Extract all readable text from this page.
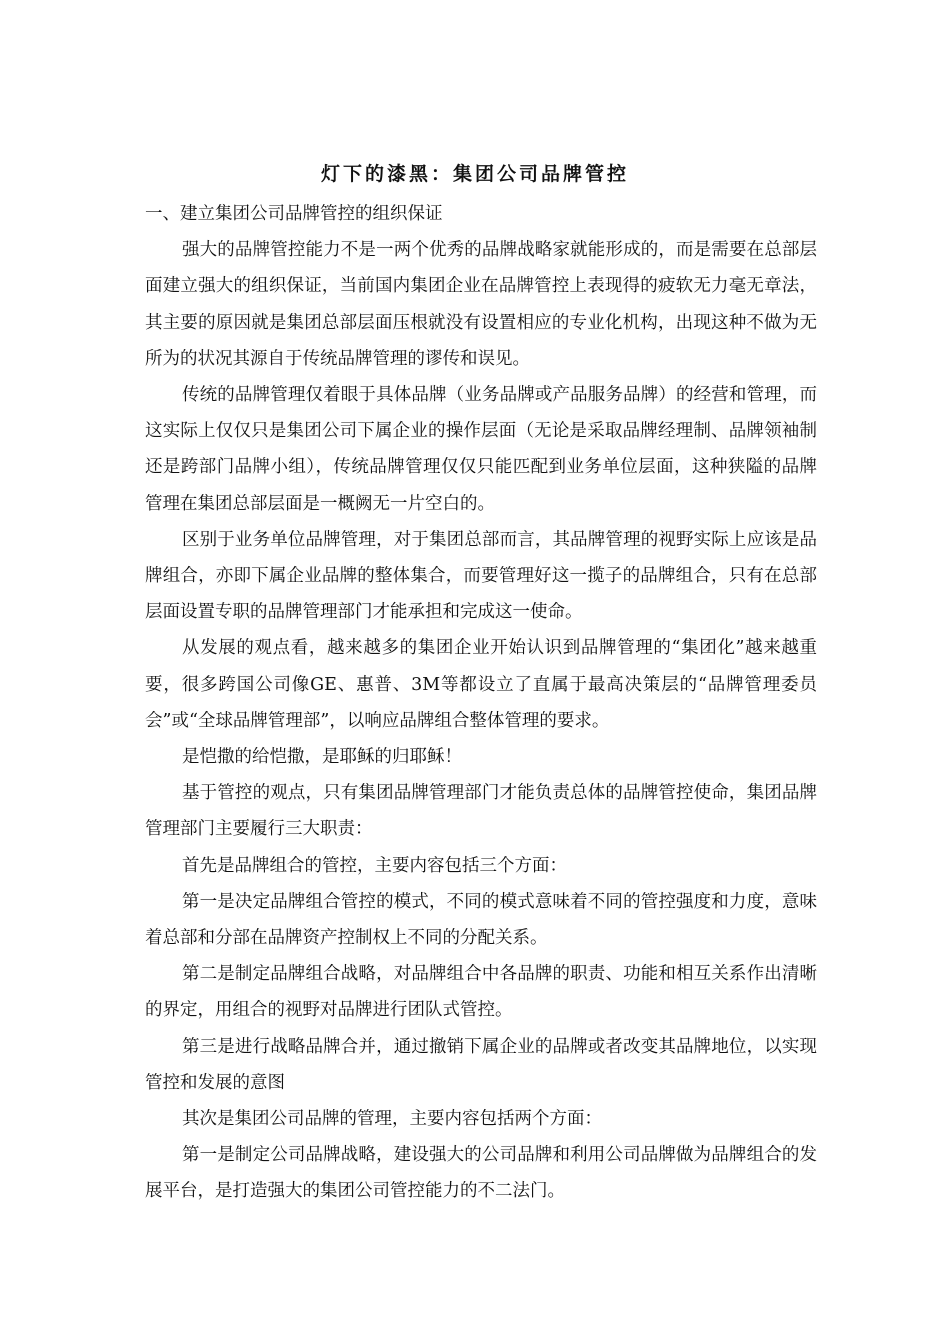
灯下的漆黑：集团公司品牌管控

一、建立集团公司品牌管控的组织保证

强大的品牌管控能力不是一两个优秀的品牌战略家就能形成的，而是需要在总部层面建立强大的组织保证，当前国内集团企业在品牌管控上表现得的疲软无力毫无章法，其主要的原因就是集团总部层面压根就没有设置相应的专业化机构，出现这种不做为无所为的状况其源自于传统品牌管理的谬传和误见。

传统的品牌管理仅着眼于具体品牌（业务品牌或产品服务品牌）的经营和管理，而这实际上仅仅只是集团公司下属企业的操作层面（无论是采取品牌经理制、品牌领袖制还是跨部门品牌小组），传统品牌管理仅仅只能匹配到业务单位层面，这种狭隘的品牌管理在集团总部层面是一概阙无一片空白的。

区别于业务单位品牌管理，对于集团总部而言，其品牌管理的视野实际上应该是品牌组合，亦即下属企业品牌的整体集合，而要管理好这一揽子的品牌组合，只有在总部层面设置专职的品牌管理部门才能承担和完成这一使命。

从发展的观点看，越来越多的集团企业开始认识到品牌管理的“集团化”越来越重要，很多跨国公司像GE、惠普、3M等都设立了直属于最高决策层的“品牌管理委员会”或“全球品牌管理部”，以响应品牌组合整体管理的要求。

是恺撒的给恺撒，是耶稣的归耶稣！

基于管控的观点，只有集团品牌管理部门才能负责总体的品牌管控使命，集团品牌管理部门主要履行三大职责：

首先是品牌组合的管控，主要内容包括三个方面：

第一是决定品牌组合管控的模式，不同的模式意味着不同的管控强度和力度，意味着总部和分部在品牌资产控制权上不同的分配关系。

第二是制定品牌组合战略，对品牌组合中各品牌的职责、功能和相互关系作出清晰的界定，用组合的视野对品牌进行团队式管控。

第三是进行战略品牌合并，通过撤销下属企业的品牌或者改变其品牌地位，以实现管控和发展的意图

其次是集团公司品牌的管理，主要内容包括两个方面：

第一是制定公司品牌战略，建设强大的公司品牌和利用公司品牌做为品牌组合的发展平台，是打造强大的集团公司管控能力的不二法门。
